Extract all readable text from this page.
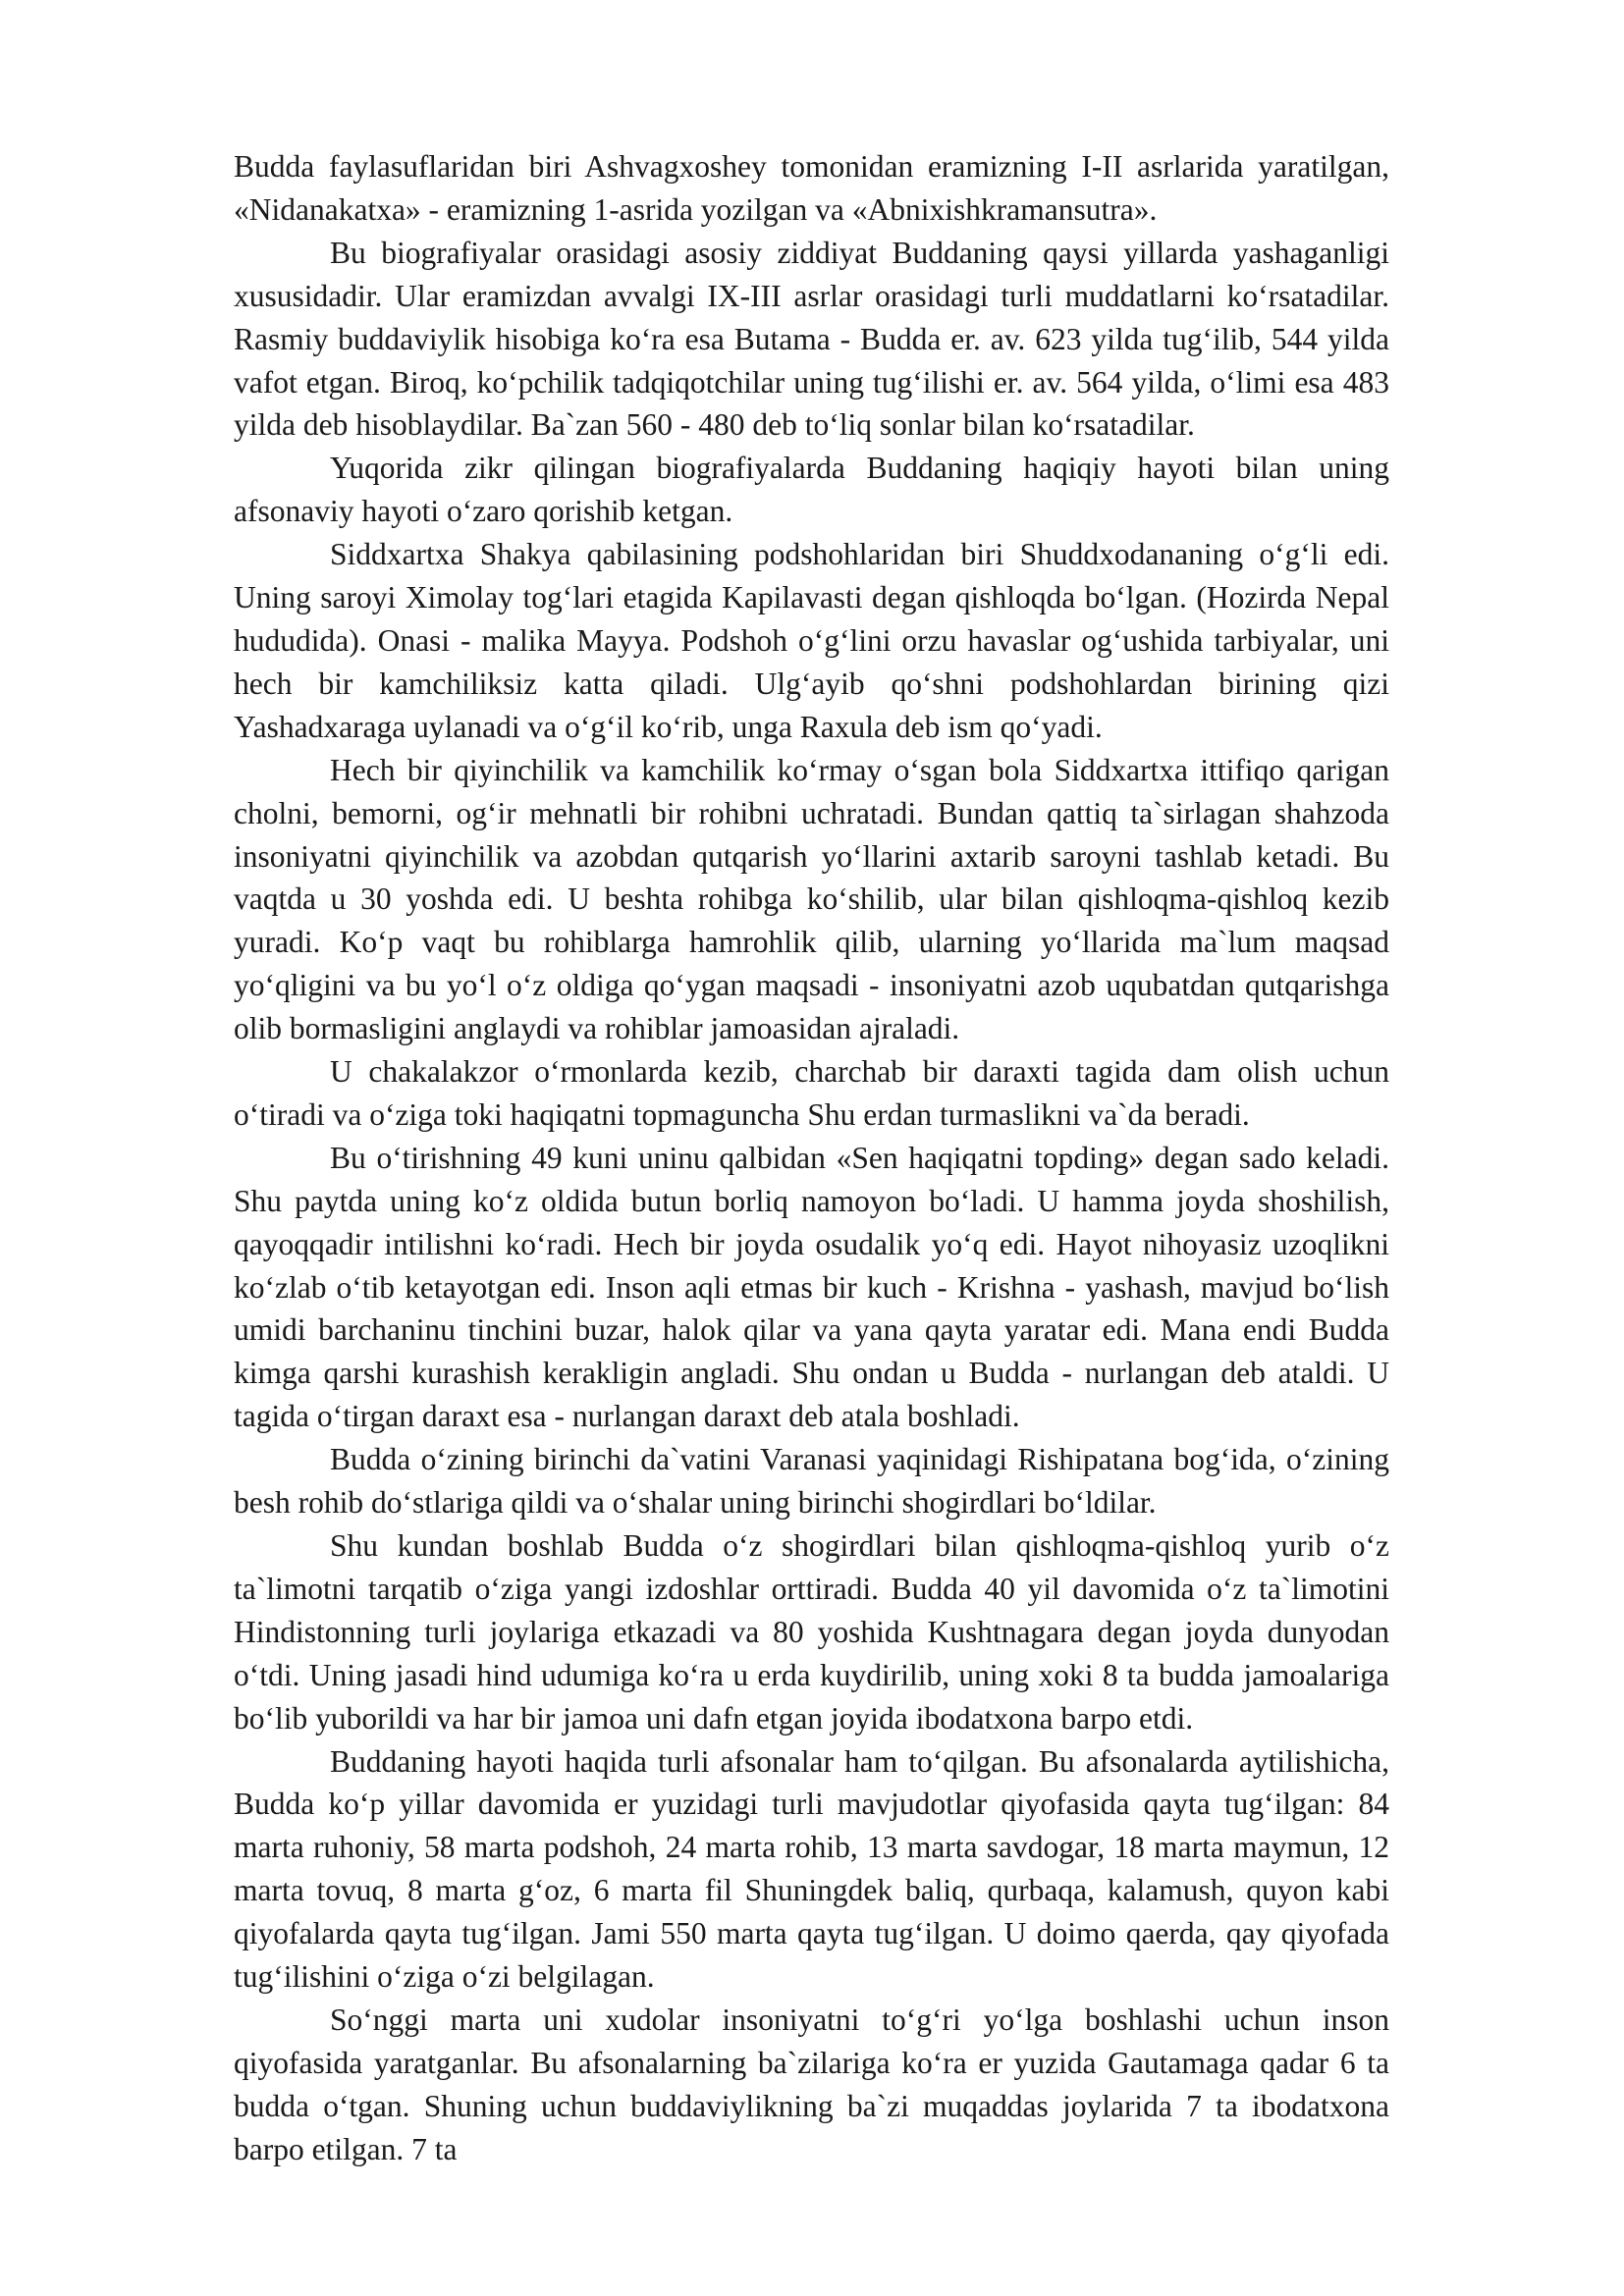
Budda faylasuflaridan biri Ashvagxoshey tomonidan eramizning I-II asrlarida yaratilgan, «Nidanakatxa» - eramizning 1-asrida yozilgan va «Abnixishkramansutra».

Bu biografiyalar orasidagi asosiy ziddiyat Buddaning qaysi yillarda yashaganligi xususidadir. Ular eramizdan avvalgi IX-III asrlar orasidagi turli muddatlarni ko‘rsatadilar. Rasmiy buddaviylik hisobiga ko‘ra esa Butama - Budda er. av. 623 yilda tug‘ilib, 544 yilda vafot etgan. Biroq, ko‘pchilik tadqiqotchilar uning tug‘ilishi er. av. 564 yilda, o‘limi esa 483 yilda deb hisoblaydilar. Ba`zan 560 - 480 deb to‘liq sonlar bilan ko‘rsatadilar.

Yuqorida zikr qilingan biografiyalarda Buddaning haqiqiy hayoti bilan uning afsonaviy hayoti o‘zaro qorishib ketgan.

Siddxartxa Shakya qabilasining podshohlaridan biri Shuddxodananing o‘g‘li edi. Uning saroyi Ximolay tog‘lari etagida Kapilavasti degan qishloqda bo‘lgan. (Hozirda Nepal hududida). Onasi - malika Mayya. Podshoh o‘g‘lini orzu havaslar og‘ushida tarbiyalar, uni hech bir kamchiliksiz katta qiladi. Ulg‘ayib qo‘shni podshohlardan birining qizi Yashadxaraga uylanadi va o‘g‘il ko‘rib, unga Raxula deb ism qo‘yadi.

Hech bir qiyinchilik va kamchilik ko‘rmay o‘sgan bola Siddxartxa ittifiqo qarigan cholni, bemorni, og‘ir mehnatli bir rohibni uchratadi. Bundan qattiq ta`sirlagan shahzoda insoniyatni qiyinchilik va azobdan qutqarish yo‘llarini axtarib saroyni tashlab ketadi. Bu vaqtda u 30 yoshda edi. U beshta rohibga ko‘shilib, ular bilan qishloqma-qishloq kezib yuradi. Ko‘p vaqt bu rohiblarga hamrohlik qilib, ularning yo‘llarida ma`lum maqsad yo‘qligini va bu yo‘l o‘z oldiga qo‘ygan maqsadi - insoniyatni azob uqubatdan qutqarishga olib bormasligini anglaydi va rohiblar jamoasidan ajraladi.

U chakalakzor o‘rmonlarda kezib, charchab bir daraxti tagida dam olish uchun o‘tiradi va o‘ziga toki haqiqatni topmaguncha Shu erdan turmaslikni va`da beradi.

Bu o‘tirishning 49 kuni uninu qalbidan «Sen haqiqatni topding» degan sado keladi. Shu paytda uning ko‘z oldida butun borliq namoyon bo‘ladi. U hamma joyda shoshilish, qayoqqadir intilishni ko‘radi. Hech bir joyda osudalik yo‘q edi. Hayot nihoyasiz uzoqlikni ko‘zlab o‘tib ketayotgan edi. Inson aqli etmas bir kuch - Krishna - yashash, mavjud bo‘lish umidi barchaninu tinchini buzar, halok qilar va yana qayta yaratar edi. Mana endi Budda kimga qarshi kurashish kerakligin angladi. Shu ondan u Budda - nurlangan deb ataldi. U tagida o‘tirgan daraxt esa - nurlangan daraxt deb atala boshladi.

Budda o‘zining birinchi da`vatini Varanasi yaqinidagi Rishipatana bog‘ida, o‘zining besh rohib do‘stlariga qildi va o‘shalar uning birinchi shogirdlari bo‘ldilar.

Shu kundan boshlab Budda o‘z shogirdlari bilan qishloqma-qishloq yurib o‘z ta`limotni tarqatib o‘ziga yangi izdoshlar orttiradi. Budda 40 yil davomida o‘z ta`limotini Hindistonning turli joylariga etkazadi va 80 yoshida Kushtnagara degan joyda dunyodan o‘tdi. Uning jasadi hind udumiga ko‘ra u erda kuydirilib, uning xoki 8 ta budda jamoalariga bo‘lib yuborildi va har bir jamoa uni dafn etgan joyida ibodatxona barpo etdi.

Buddaning hayoti haqida turli afsonalar ham to‘qilgan. Bu afsonalarda aytilishicha, Budda ko‘p yillar davomida er yuzidagi turli mavjudotlar qiyofasida qayta tug‘ilgan: 84 marta ruhoniy, 58 marta podshoh, 24 marta rohib, 13 marta savdogar, 18 marta maymun, 12 marta tovuq, 8 marta g‘oz, 6 marta fil Shuningdek baliq, qurbaqa, kalamush, quyon kabi qiyofalarda qayta tug‘ilgan. Jami 550 marta qayta tug‘ilgan. U doimo qaerda, qay qiyofada tug‘ilishini o‘ziga o‘zi belgilagan.

So‘nggi marta uni xudolar insoniyatni to‘g‘ri yo‘lga boshlashi uchun inson qiyofasida yaratganlar. Bu afsonalarning ba`zilariga ko‘ra er yuzida Gautamaga qadar 6 ta budda o‘tgan. Shuning uchun buddaviylikning ba`zi muqaddas joylarida 7 ta ibodatxona barpo etilgan. 7 ta
